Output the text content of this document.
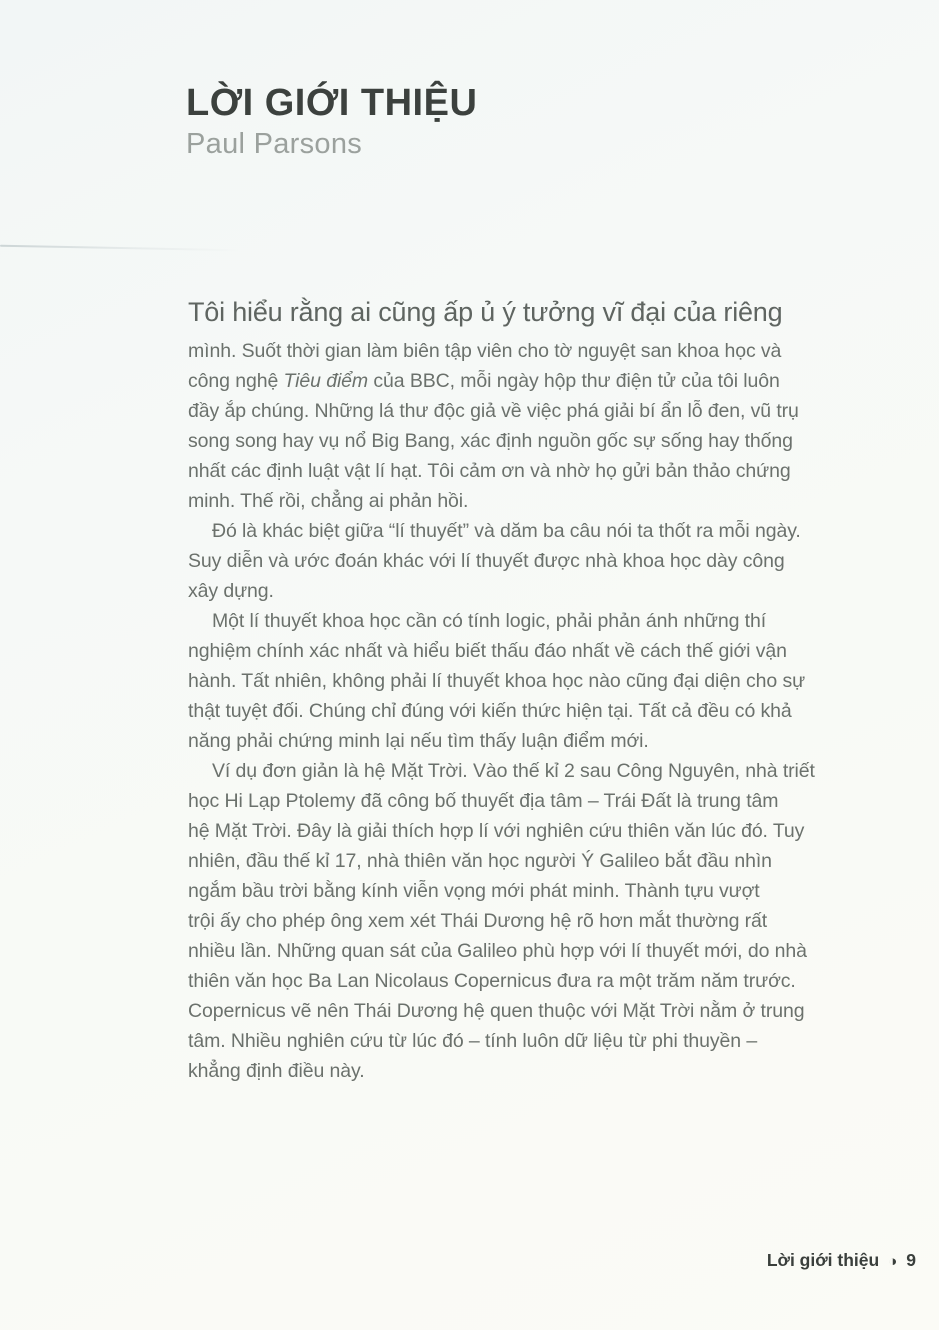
LỜI GIỚI THIỆU
Paul Parsons
Tôi hiểu rằng ai cũng ấp ủ ý tưởng vĩ đại của riêng
mình. Suốt thời gian làm biên tập viên cho tờ nguyệt san khoa học và
công nghệ Tiêu điểm của BBC, mỗi ngày hộp thư điện tử của tôi luôn
đầy ắp chúng. Những lá thư độc giả về việc phá giải bí ẩn lỗ đen, vũ trụ
song song hay vụ nổ Big Bang, xác định nguồn gốc sự sống hay thống
nhất các định luật vật lí hạt. Tôi cảm ơn và nhờ họ gửi bản thảo chứng
minh. Thế rồi, chẳng ai phản hồi.
Đó là khác biệt giữa “lí thuyết” và dăm ba câu nói ta thốt ra mỗi ngày.
Suy diễn và ước đoán khác với lí thuyết được nhà khoa học dày công
xây dựng.
Một lí thuyết khoa học cần có tính logic, phải phản ánh những thí
nghiệm chính xác nhất và hiểu biết thấu đáo nhất về cách thế giới vận
hành. Tất nhiên, không phải lí thuyết khoa học nào cũng đại diện cho sự
thật tuyệt đối. Chúng chỉ đúng với kiến thức hiện tại. Tất cả đều có khả
năng phải chứng minh lại nếu tìm thấy luận điểm mới.
Ví dụ đơn giản là hệ Mặt Trời. Vào thế kỉ 2 sau Công Nguyên, nhà triết
học Hi Lạp Ptolemy đã công bố thuyết địa tâm – Trái Đất là trung tâm
hệ Mặt Trời. Đây là giải thích hợp lí với nghiên cứu thiên văn lúc đó. Tuy
nhiên, đầu thế kỉ 17, nhà thiên văn học người Ý Galileo bắt đầu nhìn
ngắm bầu trời bằng kính viễn vọng mới phát minh. Thành tựu vượt
trội ấy cho phép ông xem xét Thái Dương hệ rõ hơn mắt thường rất
nhiều lần. Những quan sát của Galileo phù hợp với lí thuyết mới, do nhà
thiên văn học Ba Lan Nicolaus Copernicus đưa ra một trăm năm trước.
Copernicus vẽ nên Thái Dương hệ quen thuộc với Mặt Trời nằm ở trung
tâm. Nhiều nghiên cứu từ lúc đó – tính luôn dữ liệu từ phi thuyền –
khẳng định điều này.
Lời giới thiệu ◑ 9
